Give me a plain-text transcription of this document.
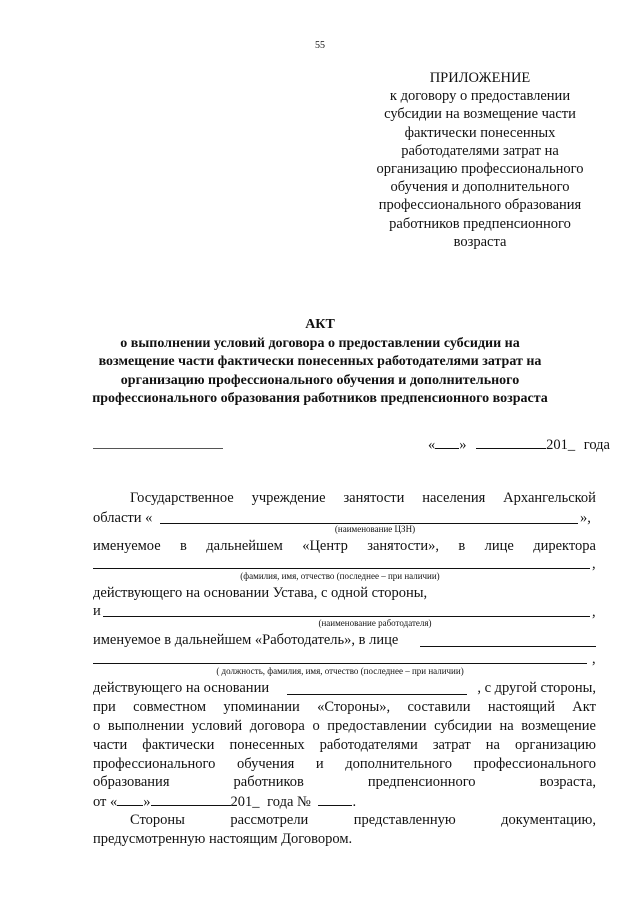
55
ПРИЛОЖЕНИЕ
к договору о предоставлении
субсидии на возмещение части
фактически понесенных
работодателями затрат на
организацию профессионального
обучения и дополнительного
профессионального образования
работников предпенсионного
возраста
АКТ
о выполнении условий договора о предоставлении субсидии на
возмещение части фактически понесенных работодателями затрат на
организацию профессионального обучения и дополнительного
профессионального образования работников предпенсионного возраста
« »	201_ года
Государственное учреждение занятости населения Архангельской
области «	»,
(наименование ЦЗН)
именуемое в дальнейшем «Центр занятости», в лице директора
,
(фамилия, имя, отчество (последнее – при наличии)
действующего на основании Устава, с одной стороны,
и	,
(наименование работодателя)
именуемое в дальнейшем «Работодатель», в лице
,
( должность, фамилия, имя, отчество (последнее – при наличии)
действующего на основании	, с другой стороны,
при совместном упоминании «Стороны», составили настоящий Акт
о выполнении условий договора о предоставлении субсидии на возмещение
части фактически понесенных работодателями затрат на организацию
профессионального обучения и дополнительного профессионального
образования	работников	предпенсионного	возраста,
от « »	201_ года №	.
Стороны	рассмотрели	представленную	документацию,
предусмотренную настоящим Договором.
